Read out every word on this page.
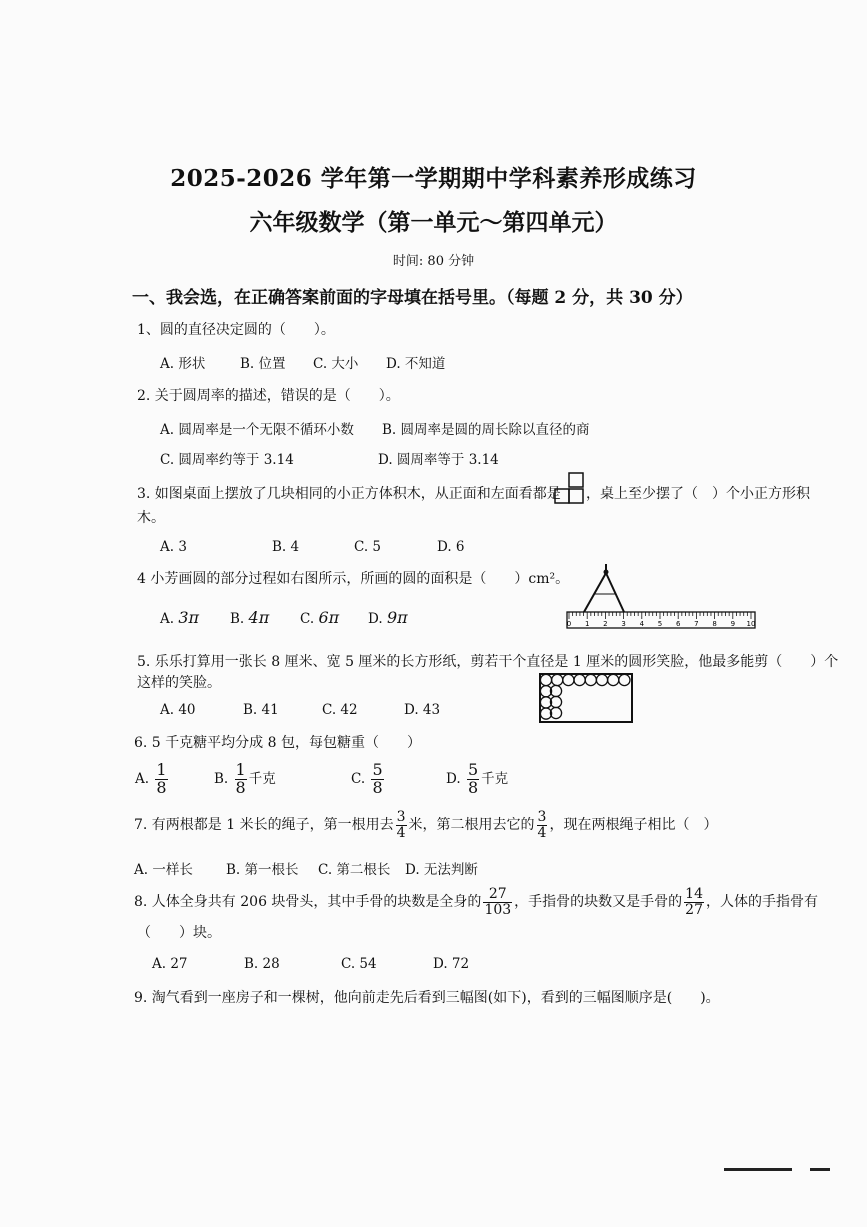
2025-2026 学年第一学期期中学科素养形成练习
六年级数学（第一单元～第四单元）
时间: 80 分钟
一、我会选，在正确答案前面的字母填在括号里。（每题 2 分，共 30 分）
1、圆的直径决定圆的（　　）。
A. 形状	B. 位置 C. 大小 D. 不知道
2. 关于圆周率的描述，错误的是（　　）。
A. 圆周率是一个无限不循环小数 B. 圆周率是圆的周长除以直径的商
C. 圆周率约等于 3.14	D. 圆周率等于 3.14
3. 如图桌面上摆放了几块相同的小正方体积木，从正面和左面看都是 ，桌上至少摆了（　）个小正方形积
木。
A. 3	B. 4	C. 5	D. 6
4 小芳画圆的部分过程如右图所示，所画的圆的面积是（　　）cm²。
A. 3π B. 4π C. 6π D. 9π	0 1 2 3 4 5 6 7 8 9 10
5. 乐乐打算用一张长 8 厘米、宽 5 厘米的长方形纸，剪若干个直径是 1 厘米的圆形笑脸，他最多能剪（　　）个
这样的笑脸。
A. 40	B. 41	C. 42	D. 43
6. 5 千克糖平均分成 8 包，每包糖重（　　）
A. $\frac{1}{8}$	B. $\frac{1}{8}$ 千克	C. $\frac{5}{8}$	D. $\frac{5}{8}$ 千克
7. 有两根都是 1 米长的绳子，第一根用去 $\frac{3}{4}$ 米，第二根用去它的 $\frac{3}{4}$ ，现在两根绳子相比（　）
A. 一样长 B. 第一根长 C. 第二根长 D. 无法判断
8. 人体全身共有 206 块骨头，其中手骨的块数是全身的 $\frac{27}{103}$ ，手指骨的块数又是手骨的 $\frac{14}{27}$ ，人体的手指骨有
（　　）块。
A. 27	B. 28	C. 54	D. 72
9. 淘气看到一座房子和一棵树，他向前走先后看到三幅图(如下)，看到的三幅图顺序是(　　)。
